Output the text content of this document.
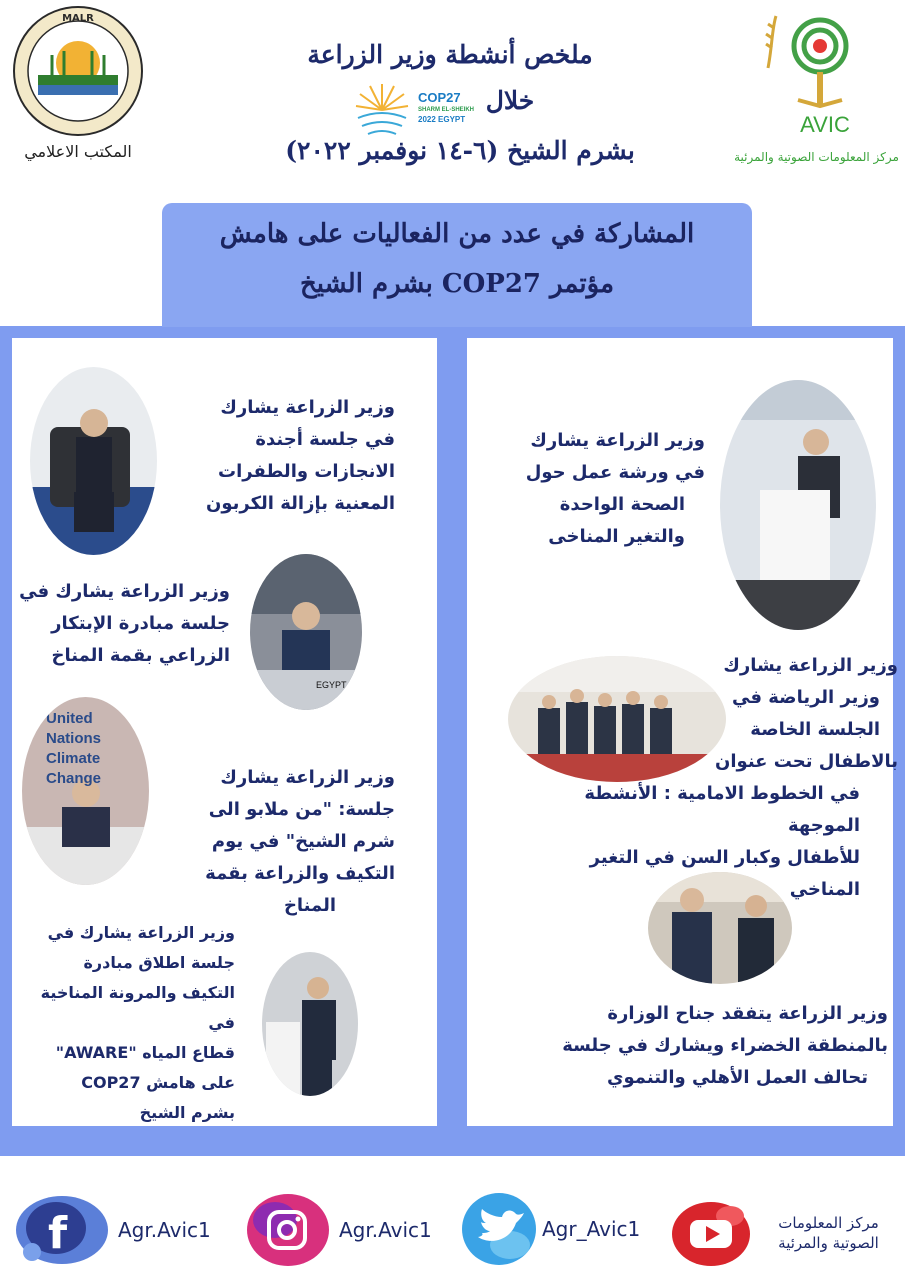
المشاركة في عدد من الفعاليات على هامش
مؤتمر COP27 بشرم الشيخ
MALR
المكتب الاعلامي
AVIC
مركز المعلومات الصوتية والمرئية
ملخص أنشطة وزير الزراعة
خلال
COP27
SHARM EL-SHEIKH
2022 EGYPT
بشرم الشيخ (٦-١٤ نوفمبر ٢٠٢٢)
وزير الزراعة يشارك
في جلسة أجندة
الانجازات والطفرات
المعنية بإزالة الكربون
وزير الزراعة يشارك في
جلسة مبادرة الإبتكار
الزراعي بقمة المناخ
EGYPT
United Nations Climate Change	وزير الزراعة يشارك
جلسة: "من ملابو الى
شرم الشيخ" في يوم
التكيف والزراعة بقمة
المناخ
وزير الزراعة يشارك في
جلسة اطلاق مبادرة
التكيف والمرونة المناخية في
قطاع المياه "AWARE"
على هامش COP27
بشرم الشيخ
وزير الزراعة يشارك
في ورشة عمل حول
الصحة الواحدة
والتغير المناخى
وزير الزراعة يشارك
وزير الرياضة في
الجلسة الخاصة
بالاطفال تحت عنوان
في الخطوط الامامية : الأنشطة الموجهة
للأطفال وكبار السن في التغير المناخي
وزير الزراعة يتفقد جناح الوزارة
بالمنطقة الخضراء ويشارك في جلسة
تحالف العمل الأهلي والتنموي
f	Agr.Avic1	Agr.Avic1	Agr_Avic1	مركز المعلومات
الصوتية والمرئية
